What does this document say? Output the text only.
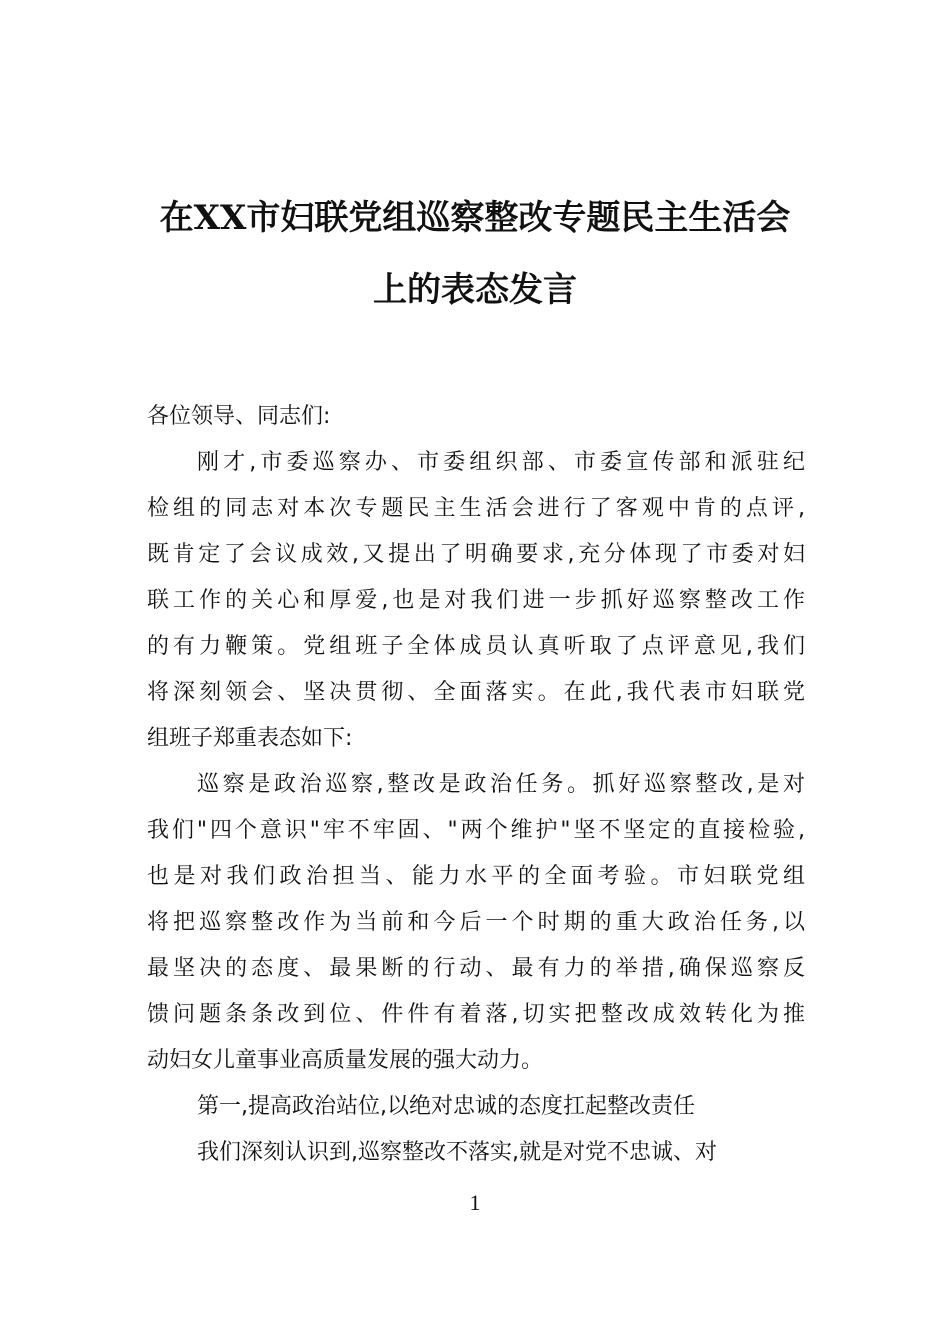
在XX市妇联党组巡察整改专题民主生活会
上的表态发言
各位领导、同志们:
刚才,市委巡察办、市委组织部、市委宣传部和派驻纪
检组的同志对本次专题民主生活会进行了客观中肯的点评,
既肯定了会议成效,又提出了明确要求,充分体现了市委对妇
联工作的关心和厚爱,也是对我们进一步抓好巡察整改工作
的有力鞭策。党组班子全体成员认真听取了点评意见,我们
将深刻领会、坚决贯彻、全面落实。在此,我代表市妇联党
组班子郑重表态如下:
巡察是政治巡察,整改是政治任务。抓好巡察整改,是对
我们"四个意识"牢不牢固、"两个维护"坚不坚定的直接检验,
也是对我们政治担当、能力水平的全面考验。市妇联党组
将把巡察整改作为当前和今后一个时期的重大政治任务,以
最坚决的态度、最果断的行动、最有力的举措,确保巡察反
馈问题条条改到位、件件有着落,切实把整改成效转化为推
动妇女儿童事业高质量发展的强大动力。
第一,提高政治站位,以绝对忠诚的态度扛起整改责任
我们深刻认识到,巡察整改不落实,就是对党不忠诚、对
1
